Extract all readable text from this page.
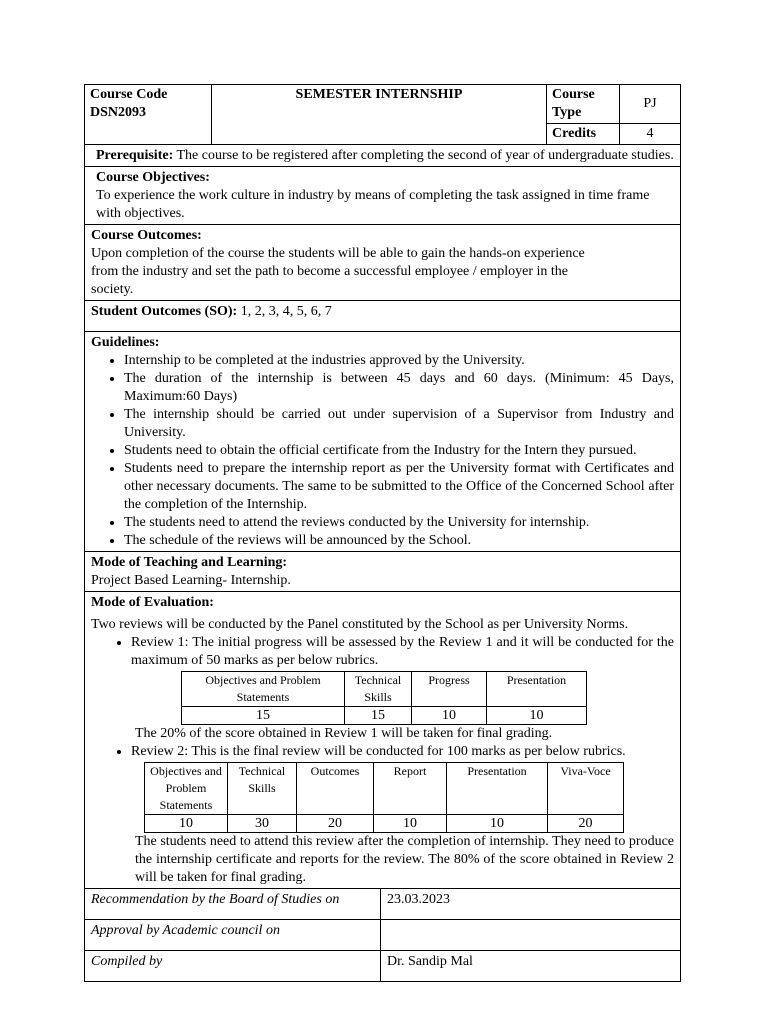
Course Code
DSN2093	SEMESTER INTERNSHIP	Course Type	PJ
		Credits	4

Prerequisite: The course to be registered after completing the second of year of undergraduate studies.

Course Objectives:

To experience the work culture in industry by means of completing the task assigned in time frame with objectives.

Course Outcomes:

Upon completion of the course the students will be able to gain the hands-on experience from the industry and set the path to become a successful employee / employer in the society.

Student Outcomes (SO): 1, 2, 3, 4, 5, 6, 7

Guidelines:

• Internship to be completed at the industries approved by the University.
• The duration of the internship is between 45 days and 60 days. (Minimum: 45 Days, Maximum:60 Days)
• The internship should be carried out under supervision of a Supervisor from Industry and University.
• Students need to obtain the official certificate from the Industry for the Intern they pursued.
• Students need to prepare the internship report as per the University format with Certificates and other necessary documents. The same to be submitted to the Office of the Concerned School after the completion of the Internship.
• The students need to attend the reviews conducted by the University for internship.
• The schedule of the reviews will be announced by the School.

Mode of Teaching and Learning:

Project Based Learning- Internship.

Mode of Evaluation:

Two reviews will be conducted by the Panel constituted by the School as per University Norms.

• Review 1: The initial progress will be assessed by the Review 1 and it will be conducted for the maximum of 50 marks as per below rubrics.
Objectives and Problem Statements	Technical Skills	Progress	Presentation
15	15	10	10

The 20% of the score obtained in Review 1 will be taken for final grading.

• Review 2: This is the final review will be conducted for 100 marks as per below rubrics.
Objectives and Problem Statements	Technical Skills	Outcomes	Report	Presentation	Viva-Voce
10	30	20	10	10	20

The students need to attend this review after the completion of internship. They need to produce the internship certificate and reports for the review. The 80% of the score obtained in Review 2 will be taken for final grading.

Recommendation by the Board of Studies on	23.03.2023
Approval by Academic council on	
Compiled by	Dr. Sandip Mal
